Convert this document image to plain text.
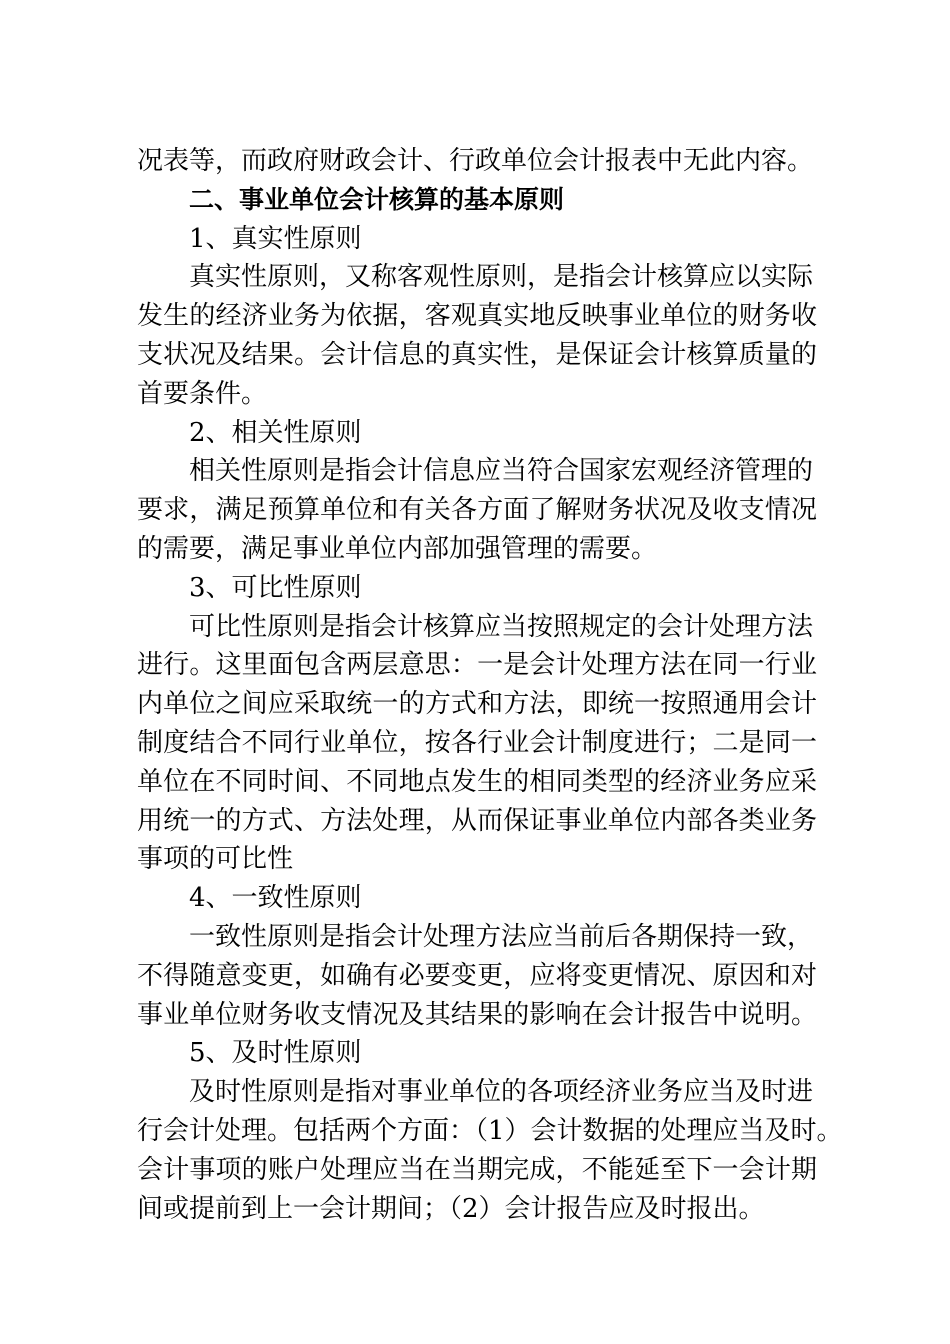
况表等，而政府财政会计、行政单位会计报表中无此内容。
二、事业单位会计核算的基本原则
1、真实性原则
真实性原则，又称客观性原则，是指会计核算应以实际
发生的经济业务为依据，客观真实地反映事业单位的财务收
支状况及结果。会计信息的真实性，是保证会计核算质量的
首要条件。
2、相关性原则
相关性原则是指会计信息应当符合国家宏观经济管理的
要求，满足预算单位和有关各方面了解财务状况及收支情况
的需要，满足事业单位内部加强管理的需要。
3、可比性原则
可比性原则是指会计核算应当按照规定的会计处理方法
进行。这里面包含两层意思：一是会计处理方法在同一行业
内单位之间应采取统一的方式和方法，即统一按照通用会计
制度结合不同行业单位，按各行业会计制度进行；二是同一
单位在不同时间、不同地点发生的相同类型的经济业务应采
用统一的方式、方法处理，从而保证事业单位内部各类业务
事项的可比性
4、一致性原则
一致性原则是指会计处理方法应当前后各期保持一致，
不得随意变更，如确有必要变更，应将变更情况、原因和对
事业单位财务收支情况及其结果的影响在会计报告中说明。
5、及时性原则
及时性原则是指对事业单位的各项经济业务应当及时进
行会计处理。包括两个方面：（1）会计数据的处理应当及时。
会计事项的账户处理应当在当期完成，不能延至下一会计期
间或提前到上一会计期间；（2）会计报告应及时报出。
